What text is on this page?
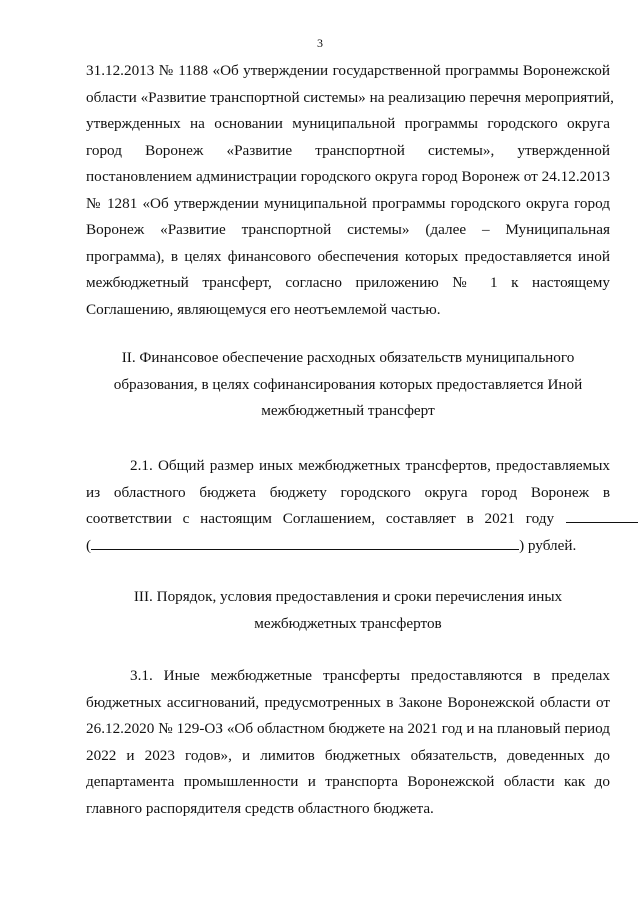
3
31.12.2013 № 1188 «Об утверждении государственной программы Воронежской
области «Развитие транспортной системы» на реализацию перечня мероприятий,
утвержденных на основании муниципальной программы городского округа
город Воронеж «Развитие транспортной системы», утвержденной
постановлением администрации городского округа город Воронеж от 24.12.2013
№ 1281 «Об утверждении муниципальной программы городского округа город
Воронеж «Развитие транспортной системы» (далее – Муниципальная
программа), в целях финансового обеспечения которых предоставляется иной
межбюджетный трансферт, согласно приложению № 1 к настоящему
Соглашению, являющемуся его неотъемлемой частью.
II. Финансовое обеспечение расходных обязательств муниципального
образования, в целях софинансирования которых предоставляется Иной
межбюджетный трансферт
2.1. Общий размер иных межбюджетных трансфертов, предоставляемых
из областного бюджета бюджету городского округа город Воронеж в
соответствии с настоящим Соглашением, составляет в 2021 году
(	) рублей.
III. Порядок, условия предоставления и сроки перечисления иных
межбюджетных трансфертов
3.1. Иные межбюджетные трансферты предоставляются в пределах
бюджетных ассигнований, предусмотренных в Законе Воронежской области от
26.12.2020 № 129-ОЗ «Об областном бюджете на 2021 год и на плановый период
2022 и 2023 годов», и лимитов бюджетных обязательств, доведенных до
департамента промышленности и транспорта Воронежской области как до
главного распорядителя средств областного бюджета.
